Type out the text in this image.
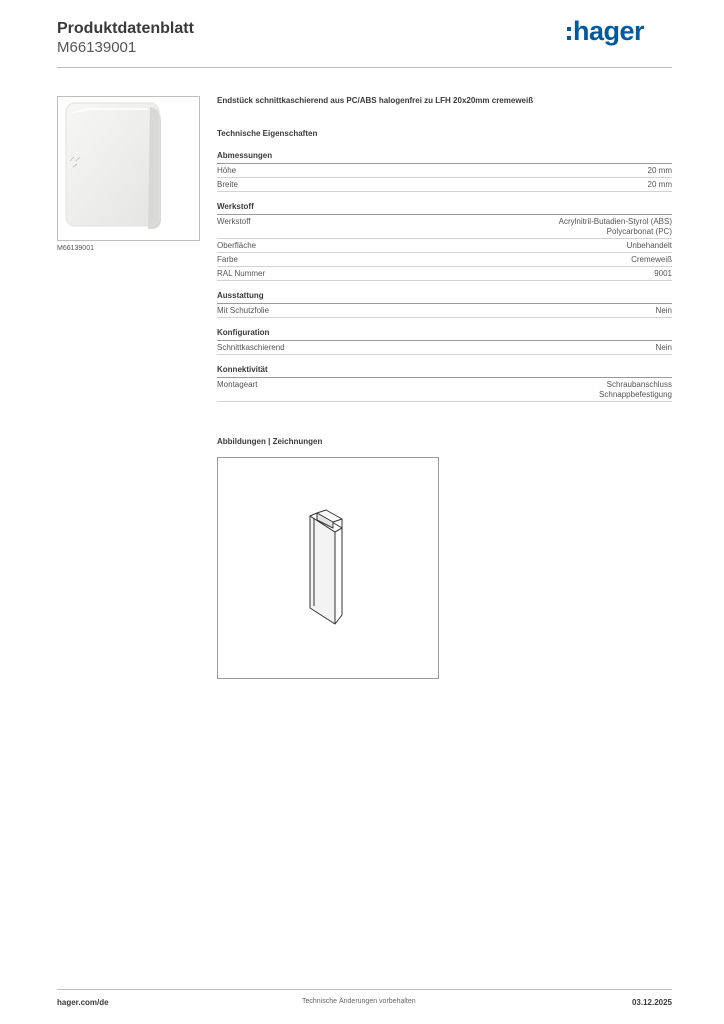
Produktdatenblatt
M66139001
hager
M66139001
Endstück schnittkaschierend aus PC/ABS halogenfrei zu LFH 20x20mm cremeweiß
Technische Eigenschaften
Abmessungen
Höhe	20 mm
Breite	20 mm
Werkstoff
Werkstoff	Acrylnitril-Butadien-Styrol (ABS)
Polycarbonat (PC)
Oberfläche	Unbehandelt
Farbe	Cremeweiß
RAL Nummer	9001
Ausstattung
Mit Schutzfolie	Nein
Konfiguration
Schnittkaschierend	Nein
Konnektivität
Montageart	Schraubanschluss
Schnappbefestigung
Abbildungen | Zeichnungen
hager.com/de	Technische Änderungen vorbehalten	03.12.2025
